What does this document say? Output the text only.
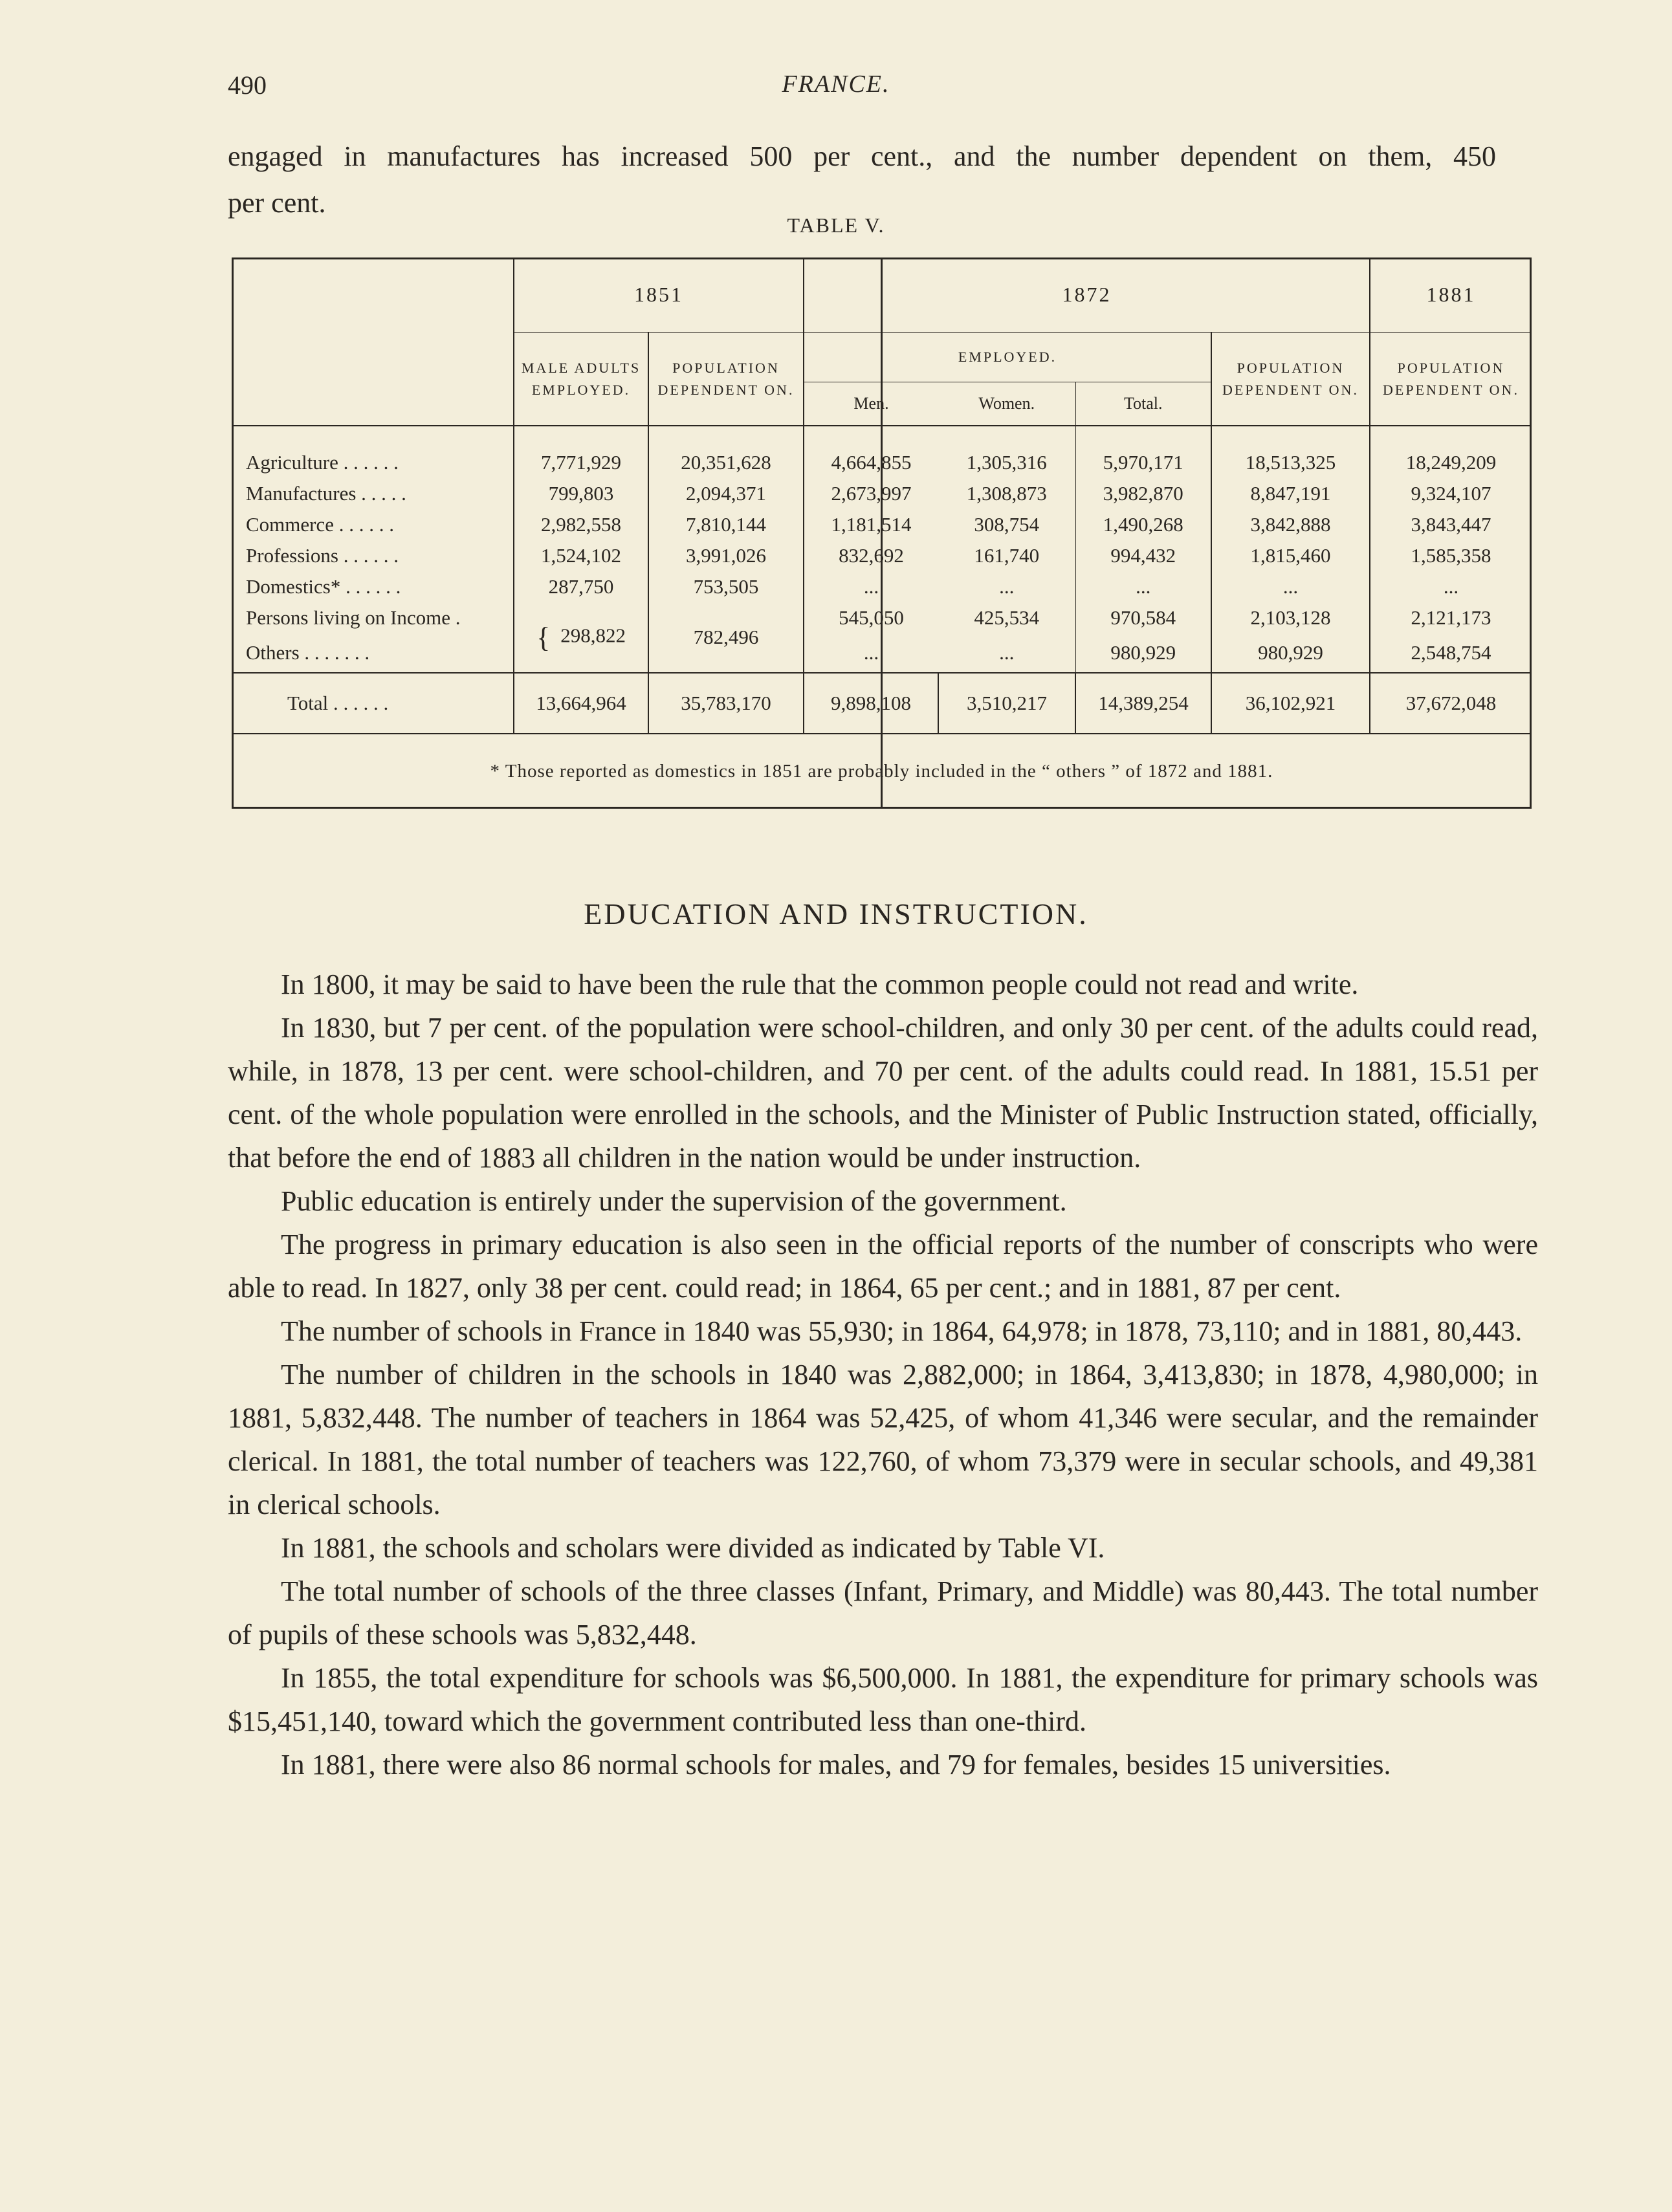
490	FRANCE.
engaged in manufactures has increased 500 per cent., and the number dependent on them, 450
per cent.
TABLE V.
	1851		1872				1881
	MALE ADULTS EMPLOYED.	POPULATION DEPENDENT ON.	EMPLOYED.			POPULATION DEPENDENT ON.	POPULATION DEPENDENT ON.
			Men.	Women.	Total.		
Agriculture . . . . . .	7,771,929	20,351,628	4,664,855	1,305,316	5,970,171	18,513,325	18,249,209
Manufactures . . . . .	799,803	2,094,371	2,673,997	1,308,873	3,982,870	8,847,191	9,324,107
Commerce . . . . . .	2,982,558	7,810,144	1,181,514	308,754	1,490,268	3,842,888	3,843,447
Professions . . . . . .	1,524,102	3,991,026	832,692	161,740	994,432	1,815,460	1,585,358
Domestics* . . . . . .	287,750	753,505	...	...	...	...	...
Persons living on Income .	{ 298,822	782,496	545,050	425,534	970,584	2,103,128	2,121,173
Others . . . . . . .			...	...	980,929	980,929	2,548,754
Total . . . . . .	13,664,964	35,783,170	9,898,108	3,510,217	14,389,254	36,102,921	37,672,048
* Those reported as domestics in 1851 are probably included in the “ others ” of 1872 and 1881.							
EDUCATION AND INSTRUCTION.

In 1800, it may be said to have been the rule that the common people could not read and write.

In 1830, but 7 per cent. of the population were school-children, and only 30 per cent. of the adults could read, while, in 1878, 13 per cent. were school-children, and 70 per cent. of the adults could read. In 1881, 15.51 per cent. of the whole population were enrolled in the schools, and the Minister of Public Instruction stated, officially, that before the end of 1883 all children in the nation would be under instruction.

Public education is entirely under the supervision of the government.

The progress in primary education is also seen in the official reports of the number of conscripts who were able to read. In 1827, only 38 per cent. could read; in 1864, 65 per cent.; and in 1881, 87 per cent.

The number of schools in France in 1840 was 55,930; in 1864, 64,978; in 1878, 73,110; and in 1881, 80,443.

The number of children in the schools in 1840 was 2,882,000; in 1864, 3,413,830; in 1878, 4,980,000; in 1881, 5,832,448. The number of teachers in 1864 was 52,425, of whom 41,346 were secular, and the remainder clerical. In 1881, the total number of teachers was 122,760, of whom 73,379 were in secular schools, and 49,381 in clerical schools.

In 1881, the schools and scholars were divided as indicated by Table VI.

The total number of schools of the three classes (Infant, Primary, and Middle) was 80,443. The total number of pupils of these schools was 5,832,448.

In 1855, the total expenditure for schools was $6,500,000. In 1881, the expenditure for primary schools was $15,451,140, toward which the government contributed less than one-third.

In 1881, there were also 86 normal schools for males, and 79 for females, besides 15 universities.
